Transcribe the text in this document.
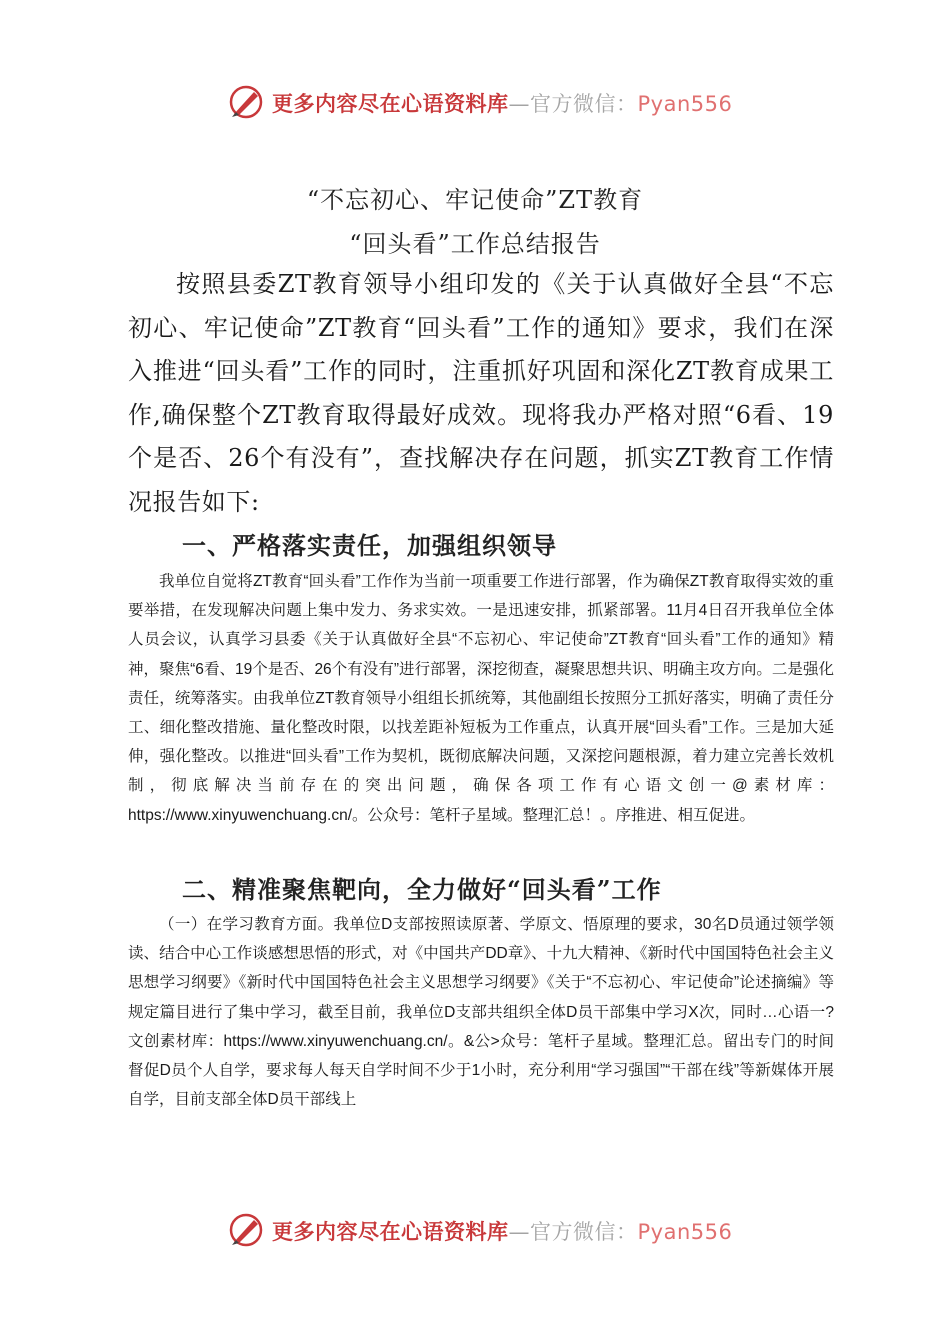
更多内容尽在心语资料库—官方微信：Pyan556
“不忘初心、牢记使命”ZT教育
“回头看”工作总结报告

按照县委ZT教育领导小组印发的《关于认真做好全县“不忘初心、牢记使命”ZT教育“回头看”工作的通知》要求，我们在深入推进“回头看”工作的同时，注重抓好巩固和深化ZT教育成果工作,确保整个ZT教育取得最好成效。现将我办严格对照“6看、19个是否、26个有没有”，查找解决存在问题，抓实ZT教育工作情况报告如下:

一、严格落实责任，加强组织领导

我单位自觉将ZT教育“回头看”工作作为当前一项重要工作进行部署，作为确保ZT教育取得实效的重要举措，在发现解决问题上集中发力、务求实效。一是迅速安排，抓紧部署。11月4日召开我单位全体人员会议，认真学习县委《关于认真做好全县“不忘初心、牢记使命”ZT教育“回头看”工作的通知》精神，聚焦“6看、19个是否、26个有没有”进行部署，深挖彻查，凝聚思想共识、明确主攻方向。二是强化责任，统筹落实。由我单位ZT教育领导小组组长抓统筹，其他副组长按照分工抓好落实，明确了责任分工、细化整改措施、量化整改时限，以找差距补短板为工作重点，认真开展“回头看”工作。三是加大延伸，强化整改。以推进“回头看”工作为契机，既彻底解决问题，又深挖问题根源，着力建立完善长效机制，彻底解决当前存在的突出问题，确保各项工作有心语文创一@素材库：https://www.xinyuwenchuang.cn/。公众号：笔杆子星域。整理汇总！。序推进、相互促进。

二、精准聚焦靶向，全力做好“回头看”工作

（一）在学习教育方面。我单位D支部按照读原著、学原文、悟原理的要求，30名D员通过领学领读、结合中心工作谈感想思悟的形式，对《中国共产DD章》、十九大精神、《新时代中国国特色社会主义思想学习纲要》《新时代中国国特色社会主义思想学习纲要》《关于“不忘初心、牢记使命”论述摘编》等规定篇目进行了集中学习，截至目前，我单位D支部共组织全体D员干部集中学习X次，同时…心语一?文创素材库：https://www.xinyuwenchuang.cn/。&公>众号：笔杆子星域。整理汇总。留出专门的时间督促D员个人自学，要求每人每天自学时间不少于1小时，充分利用“学习强国”“干部在线”等新媒体开展自学，目前支部全体D员干部线上

更多内容尽在心语资料库—官方微信：Pyan556
